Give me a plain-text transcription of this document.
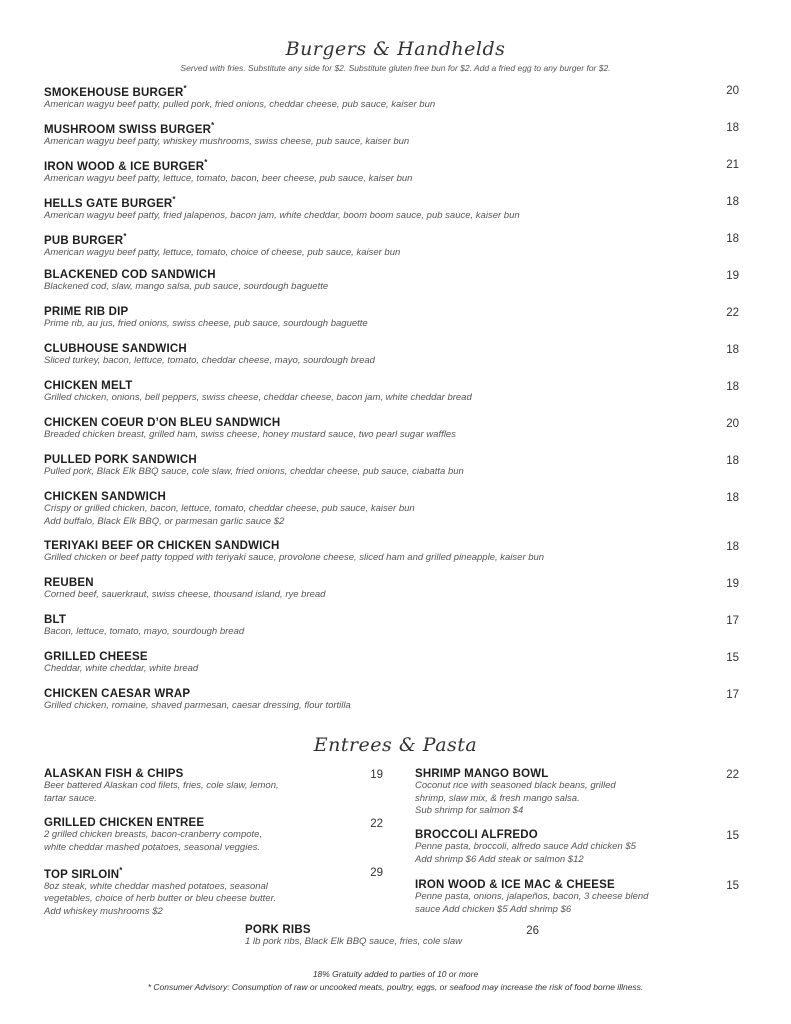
Burgers & Handhelds
Served with fries. Substitute any side for $2. Substitute gluten free bun for $2. Add a fried egg to any burger for $2.
SMOKEHOUSE BURGER*
American wagyu beef patty, pulled pork, fried onions, cheddar cheese, pub sauce, kaiser bun
20
MUSHROOM SWISS BURGER*
American wagyu beef patty, whiskey mushrooms, swiss cheese, pub sauce, kaiser bun
18
IRON WOOD & ICE BURGER*
American wagyu beef patty, lettuce, tomato, bacon, beer cheese, pub sauce, kaiser bun
21
HELLS GATE BURGER*
American wagyu beef patty, fried jalapenos, bacon jam, white cheddar, boom boom sauce, pub sauce, kaiser bun
18
PUB BURGER*
American wagyu beef patty, lettuce, tomato, choice of cheese, pub sauce, kaiser bun
18
BLACKENED COD SANDWICH
Blackened cod, slaw, mango salsa, pub sauce, sourdough baguette
19
PRIME RIB DIP
Prime rib, au jus, fried onions, swiss cheese, pub sauce, sourdough baguette
22
CLUBHOUSE SANDWICH
Sliced turkey, bacon, lettuce, tomato, cheddar cheese, mayo, sourdough bread
18
CHICKEN MELT
Grilled chicken, onions, bell peppers, swiss cheese, cheddar cheese, bacon jam, white cheddar bread
18
CHICKEN COEUR D’ON BLEU SANDWICH
Breaded chicken breast, grilled ham, swiss cheese, honey mustard sauce, two pearl sugar waffles
20
PULLED PORK SANDWICH
Pulled pork, Black Elk BBQ sauce, cole slaw, fried onions, cheddar cheese, pub sauce, ciabatta bun
18
CHICKEN SANDWICH
Crispy or grilled chicken, bacon, lettuce, tomato, cheddar cheese, pub sauce, kaiser bun
Add buffalo, Black Elk BBQ, or parmesan garlic sauce $2
18
TERIYAKI BEEF OR CHICKEN SANDWICH
Grilled chicken or beef patty topped with teriyaki sauce, provolone cheese, sliced ham and grilled pineapple, kaiser bun
18
REUBEN
Corned beef, sauerkraut, swiss cheese, thousand island, rye bread
19
BLT
Bacon, lettuce, tomato, mayo, sourdough bread
17
GRILLED CHEESE
Cheddar, white cheddar, white bread
15
CHICKEN CAESAR WRAP
Grilled chicken, romaine, shaved parmesan, caesar dressing, flour tortilla
17
Entrees & Pasta
ALASKAN FISH & CHIPS
Beer battered Alaskan cod filets, fries, cole slaw, lemon,
tartar sauce.
19
GRILLED CHICKEN ENTREE
2 grilled chicken breasts, bacon-cranberry compote,
white cheddar mashed potatoes, seasonal veggies.
22
TOP SIRLOIN*
8oz steak, white cheddar mashed potatoes, seasonal
vegetables, choice of herb butter or bleu cheese butter.
Add whiskey mushrooms $2
29
SHRIMP MANGO BOWL
Coconut rice with seasoned black beans, grilled
shrimp, slaw mix, & fresh mango salsa.
Sub shrimp for salmon $4
22
BROCCOLI ALFREDO
Penne pasta, broccoli, alfredo sauce Add chicken $5
Add shrimp $6 Add steak or salmon $12
15
IRON WOOD & ICE MAC & CHEESE
Penne pasta, onions, jalapeños, bacon, 3 cheese blend
sauce Add chicken $5 Add shrimp $6
15
PORK RIBS
1 lb pork ribs, Black Elk BBQ sauce, fries, cole slaw
26
18% Gratuity added to parties of 10 or more
* Consumer Advisory: Consumption of raw or uncooked meats, poultry, eggs, or seafood may increase the risk of food borne illness.
